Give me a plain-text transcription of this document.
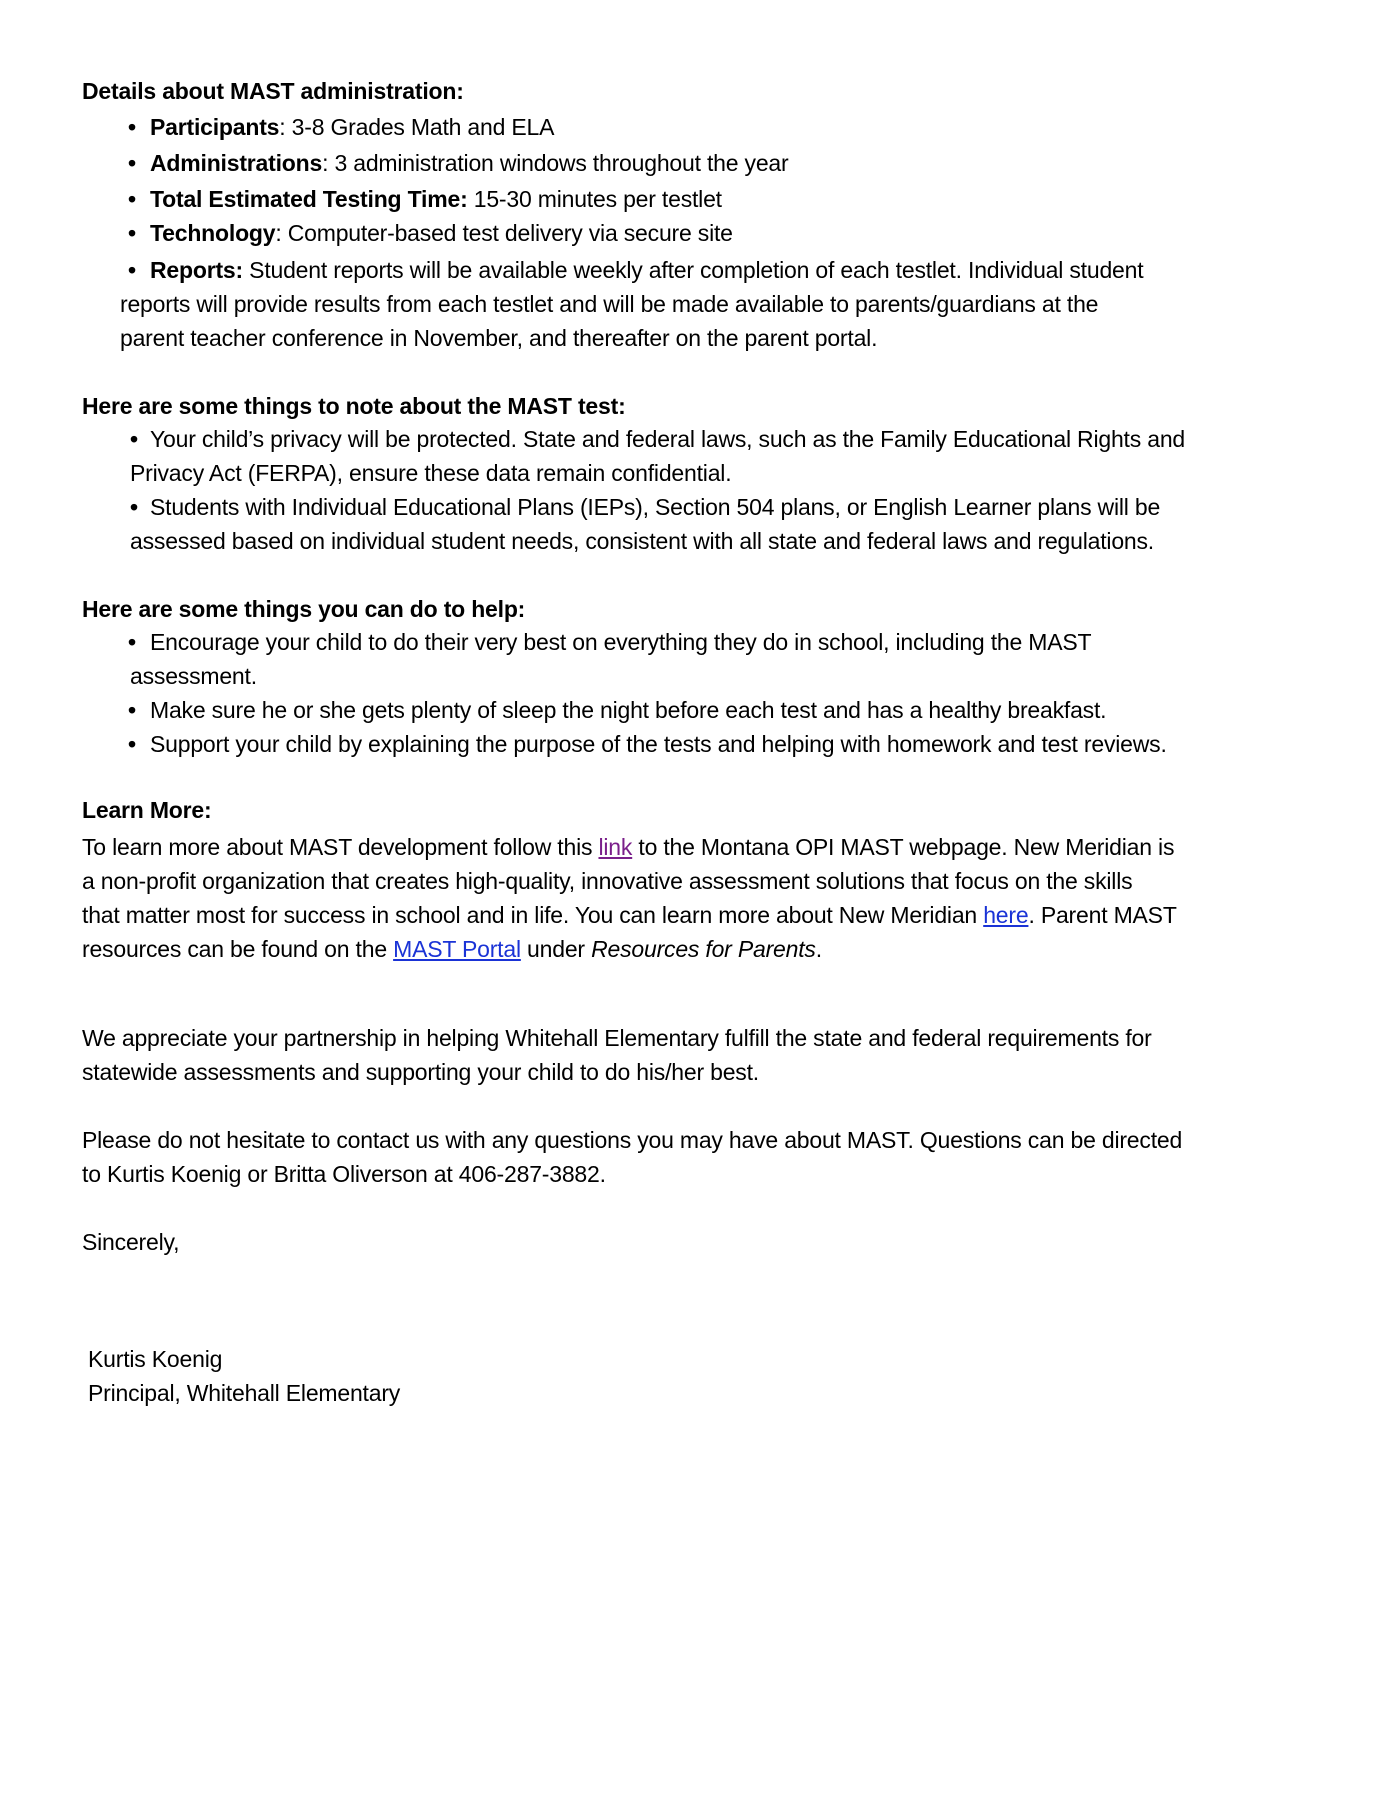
Details about MAST administration:
• Participants: 3-8 Grades Math and ELA
• Administrations: 3 administration windows throughout the year
• Total Estimated Testing Time: 15-30 minutes per testlet
• Technology: Computer-based test delivery via secure site
• Reports: Student reports will be available weekly after completion of each testlet. Individual student
reports will provide results from each testlet and will be made available to parents/guardians at the
parent teacher conference in November, and thereafter on the parent portal.
Here are some things to note about the MAST test:
• Your child’s privacy will be protected. State and federal laws, such as the Family Educational Rights and
Privacy Act (FERPA), ensure these data remain confidential.
• Students with Individual Educational Plans (IEPs), Section 504 plans, or English Learner plans will be
assessed based on individual student needs, consistent with all state and federal laws and regulations.
Here are some things you can do to help:
• Encourage your child to do their very best on everything they do in school, including the MAST
assessment.
• Make sure he or she gets plenty of sleep the night before each test and has a healthy breakfast.
• Support your child by explaining the purpose of the tests and helping with homework and test reviews.
Learn More:
To learn more about MAST development follow this link to the Montana OPI MAST webpage. New Meridian is
a non-profit organization that creates high-quality, innovative assessment solutions that focus on the skills
that matter most for success in school and in life. You can learn more about New Meridian here. Parent MAST
resources can be found on the MAST Portal under Resources for Parents.
We appreciate your partnership in helping Whitehall Elementary fulfill the state and federal requirements for
statewide assessments and supporting your child to do his/her best.
Please do not hesitate to contact us with any questions you may have about MAST. Questions can be directed
to Kurtis Koenig or Britta Oliverson at 406-287-3882.
Sincerely,
Kurtis Koenig
Principal, Whitehall Elementary
